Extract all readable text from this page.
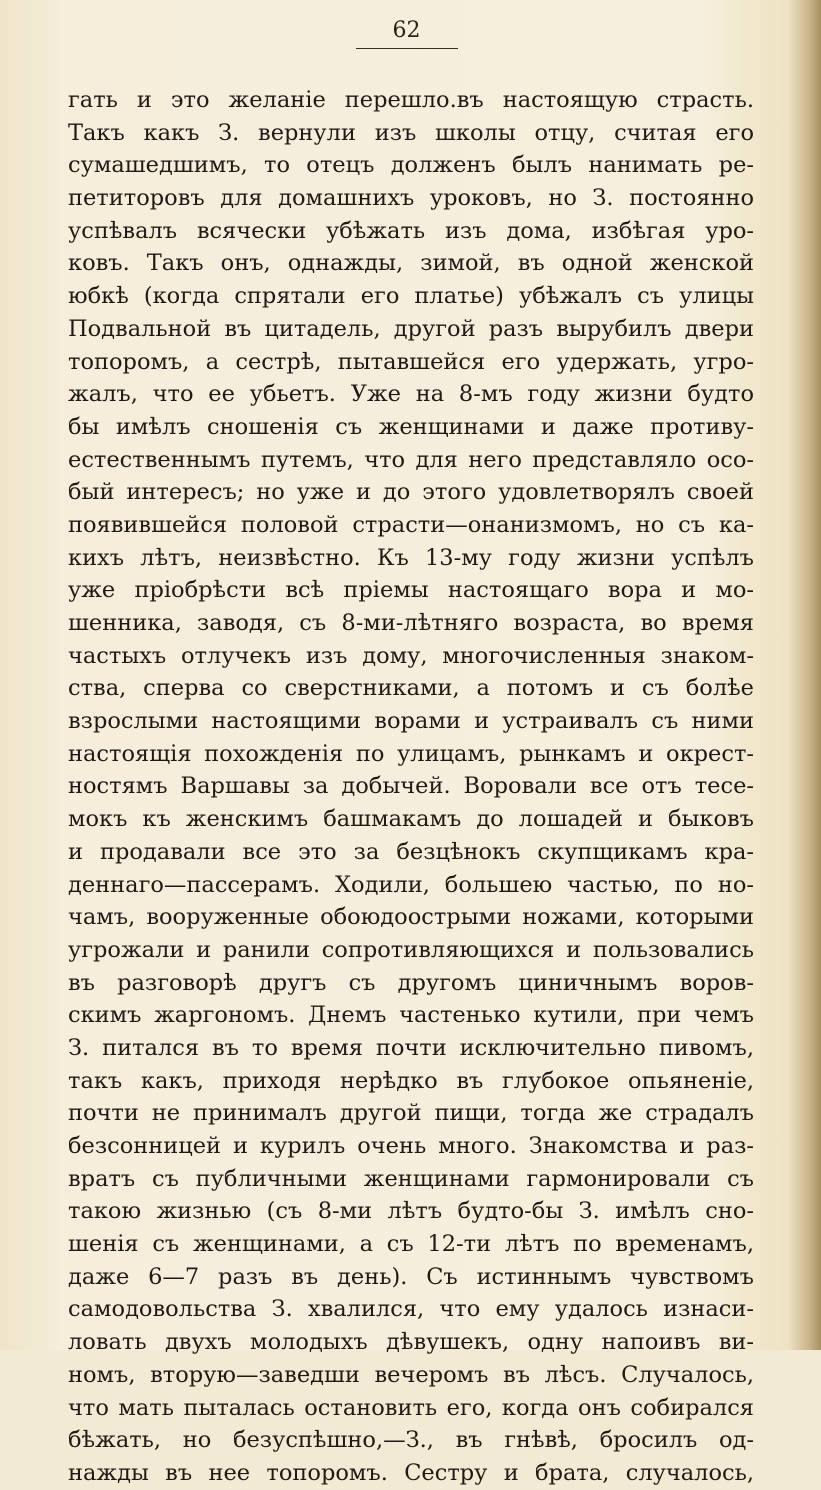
62
гать и это желаніе перешло.въ настоящую страсть.
Такъ какъ З. вернули изъ школы отцу, считая его
сумашедшимъ, то отецъ долженъ былъ нанимать ре-
петиторовъ для домашнихъ уроковъ, но З. постоянно
успѣвалъ всячески убѣжать изъ дома, избѣгая уро-
ковъ. Такъ онъ, однажды, зимой, въ одной женской
юбкѣ (когда спрятали его платье) убѣжалъ съ улицы
Подвальной въ цитадель, другой разъ вырубилъ двери
топоромъ, а сестрѣ, пытавшейся его удержать, угро-
жалъ, что ее убьетъ. Уже на 8-мъ году жизни будто
бы имѣлъ сношенія съ женщинами и даже противу-
естественнымъ путемъ, что для него представляло осо-
бый интересъ; но уже и до этого удовлетворялъ своей
появившейся половой страсти—онанизмомъ, но съ ка-
кихъ лѣтъ, неизвѣстно. Къ 13-му году жизни успѣлъ
уже пріобрѣсти всѣ пріемы настоящаго вора и мо-
шенника, заводя, съ 8-ми-лѣтняго возраста, во время
частыхъ отлучекъ изъ дому, многочисленныя знаком-
ства, сперва со сверстниками, а потомъ и съ болѣе
взрослыми настоящими ворами и устраивалъ съ ними
настоящія похожденія по улицамъ, рынкамъ и окрест-
ностямъ Варшавы за добычей. Воровали все отъ тесе-
мокъ къ женскимъ башмакамъ до лошадей и быковъ
и продавали все это за безцѣнокъ скупщикамъ кра-
деннаго—пассерамъ. Ходили, большею частью, по но-
чамъ, вооруженные обоюдоострыми ножами, которыми
угрожали и ранили сопротивляющихся и пользовались
въ разговорѣ другъ съ другомъ циничнымъ воров-
скимъ жаргономъ. Днемъ частенько кутили, при чемъ
З. питался въ то время почти исключительно пивомъ,
такъ какъ, приходя нерѣдко въ глубокое опьяненіе,
почти не принималъ другой пищи, тогда же страдалъ
безсонницей и курилъ очень много. Знакомства и раз-
вратъ съ публичными женщинами гармонировали съ
такою жизнью (съ 8-ми лѣтъ будто-бы З. имѣлъ сно-
шенія съ женщинами, а съ 12-ти лѣтъ по временамъ,
даже 6—7 разъ въ день). Съ истиннымъ чувствомъ
самодовольства З. хвалился, что ему удалось изнаси-
ловать двухъ молодыхъ дѣвушекъ, одну напоивъ ви-
номъ, вторую—заведши вечеромъ въ лѣсъ. Случалось,
что мать пыталась остановить его, когда онъ собирался
бѣжать, но безуспѣшно,—З., въ гнѣвѣ, бросилъ од-
нажды въ нее топоромъ. Сестру и брата, случалось,
